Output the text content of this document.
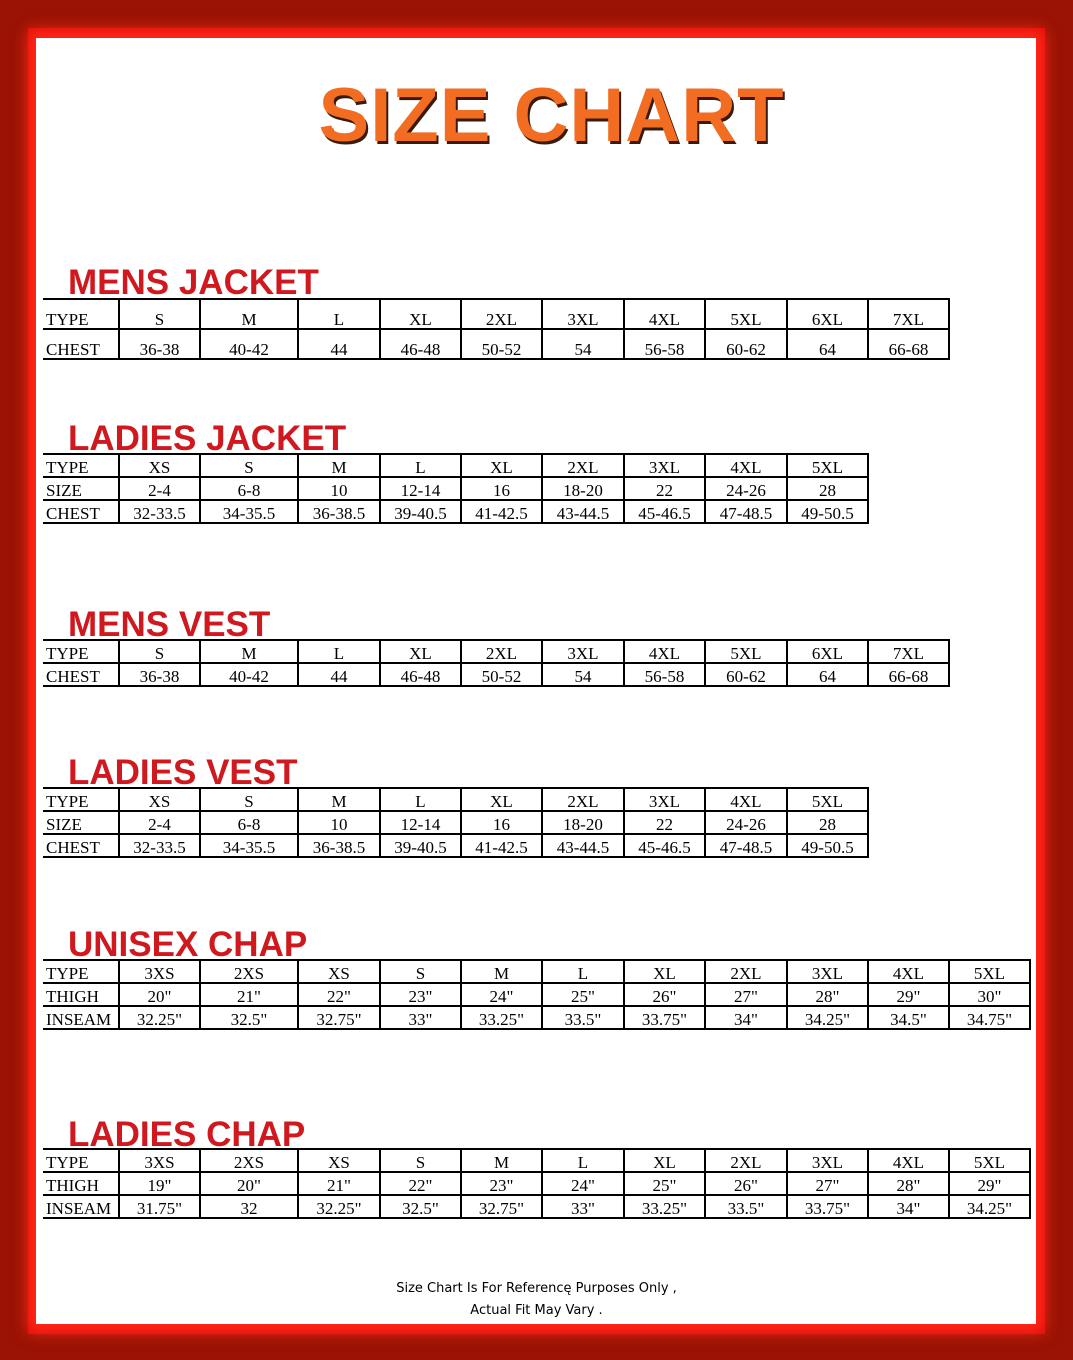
SIZE CHART
MENS JACKET
TYPE	S	M	L	XL	2XL	3XL	4XL	5XL	6XL	7XL
CHEST	36-38	40-42	44	46-48	50-52	54	56-58	60-62	64	66-68
LADIES JACKET
TYPE	XS	S	M	L	XL	2XL	3XL	4XL	5XL
SIZE	2-4	6-8	10	12-14	16	18-20	22	24-26	28
CHEST	32-33.5	34-35.5	36-38.5	39-40.5	41-42.5	43-44.5	45-46.5	47-48.5	49-50.5
MENS VEST
TYPE	S	M	L	XL	2XL	3XL	4XL	5XL	6XL	7XL
CHEST	36-38	40-42	44	46-48	50-52	54	56-58	60-62	64	66-68
LADIES VEST
TYPE	XS	S	M	L	XL	2XL	3XL	4XL	5XL
SIZE	2-4	6-8	10	12-14	16	18-20	22	24-26	28
CHEST	32-33.5	34-35.5	36-38.5	39-40.5	41-42.5	43-44.5	45-46.5	47-48.5	49-50.5
UNISEX CHAP
TYPE	3XS	2XS	XS	S	M	L	XL	2XL	3XL	4XL	5XL
THIGH	20"	21"	22"	23"	24"	25"	26"	27"	28"	29"	30"
INSEAM	32.25"	32.5"	32.75"	33"	33.25"	33.5"	33.75"	34"	34.25"	34.5"	34.75"
LADIES CHAP
TYPE	3XS	2XS	XS	S	M	L	XL	2XL	3XL	4XL	5XL
THIGH	19"	20"	21"	22"	23"	24"	25"	26"	27"	28"	29"
INSEAM	31.75"	32	32.25"	32.5"	32.75"	33"	33.25"	33.5"	33.75"	34"	34.25"
Size Chart Is For Referencę Purposes Only ,
Actual Fit May Vary .
